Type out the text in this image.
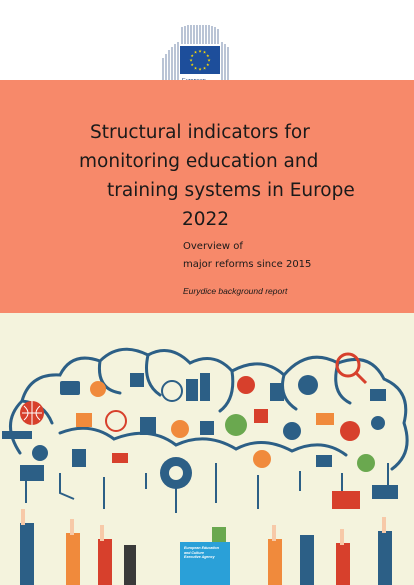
★ ★
★
★
★
★
★
★
★
★
★
★
Structural indicators for
monitoring education and
training systems in Europe
2022
Overview of
major reforms since 2015
Eurydice background report
European Education
and Culture
Executive Agency
